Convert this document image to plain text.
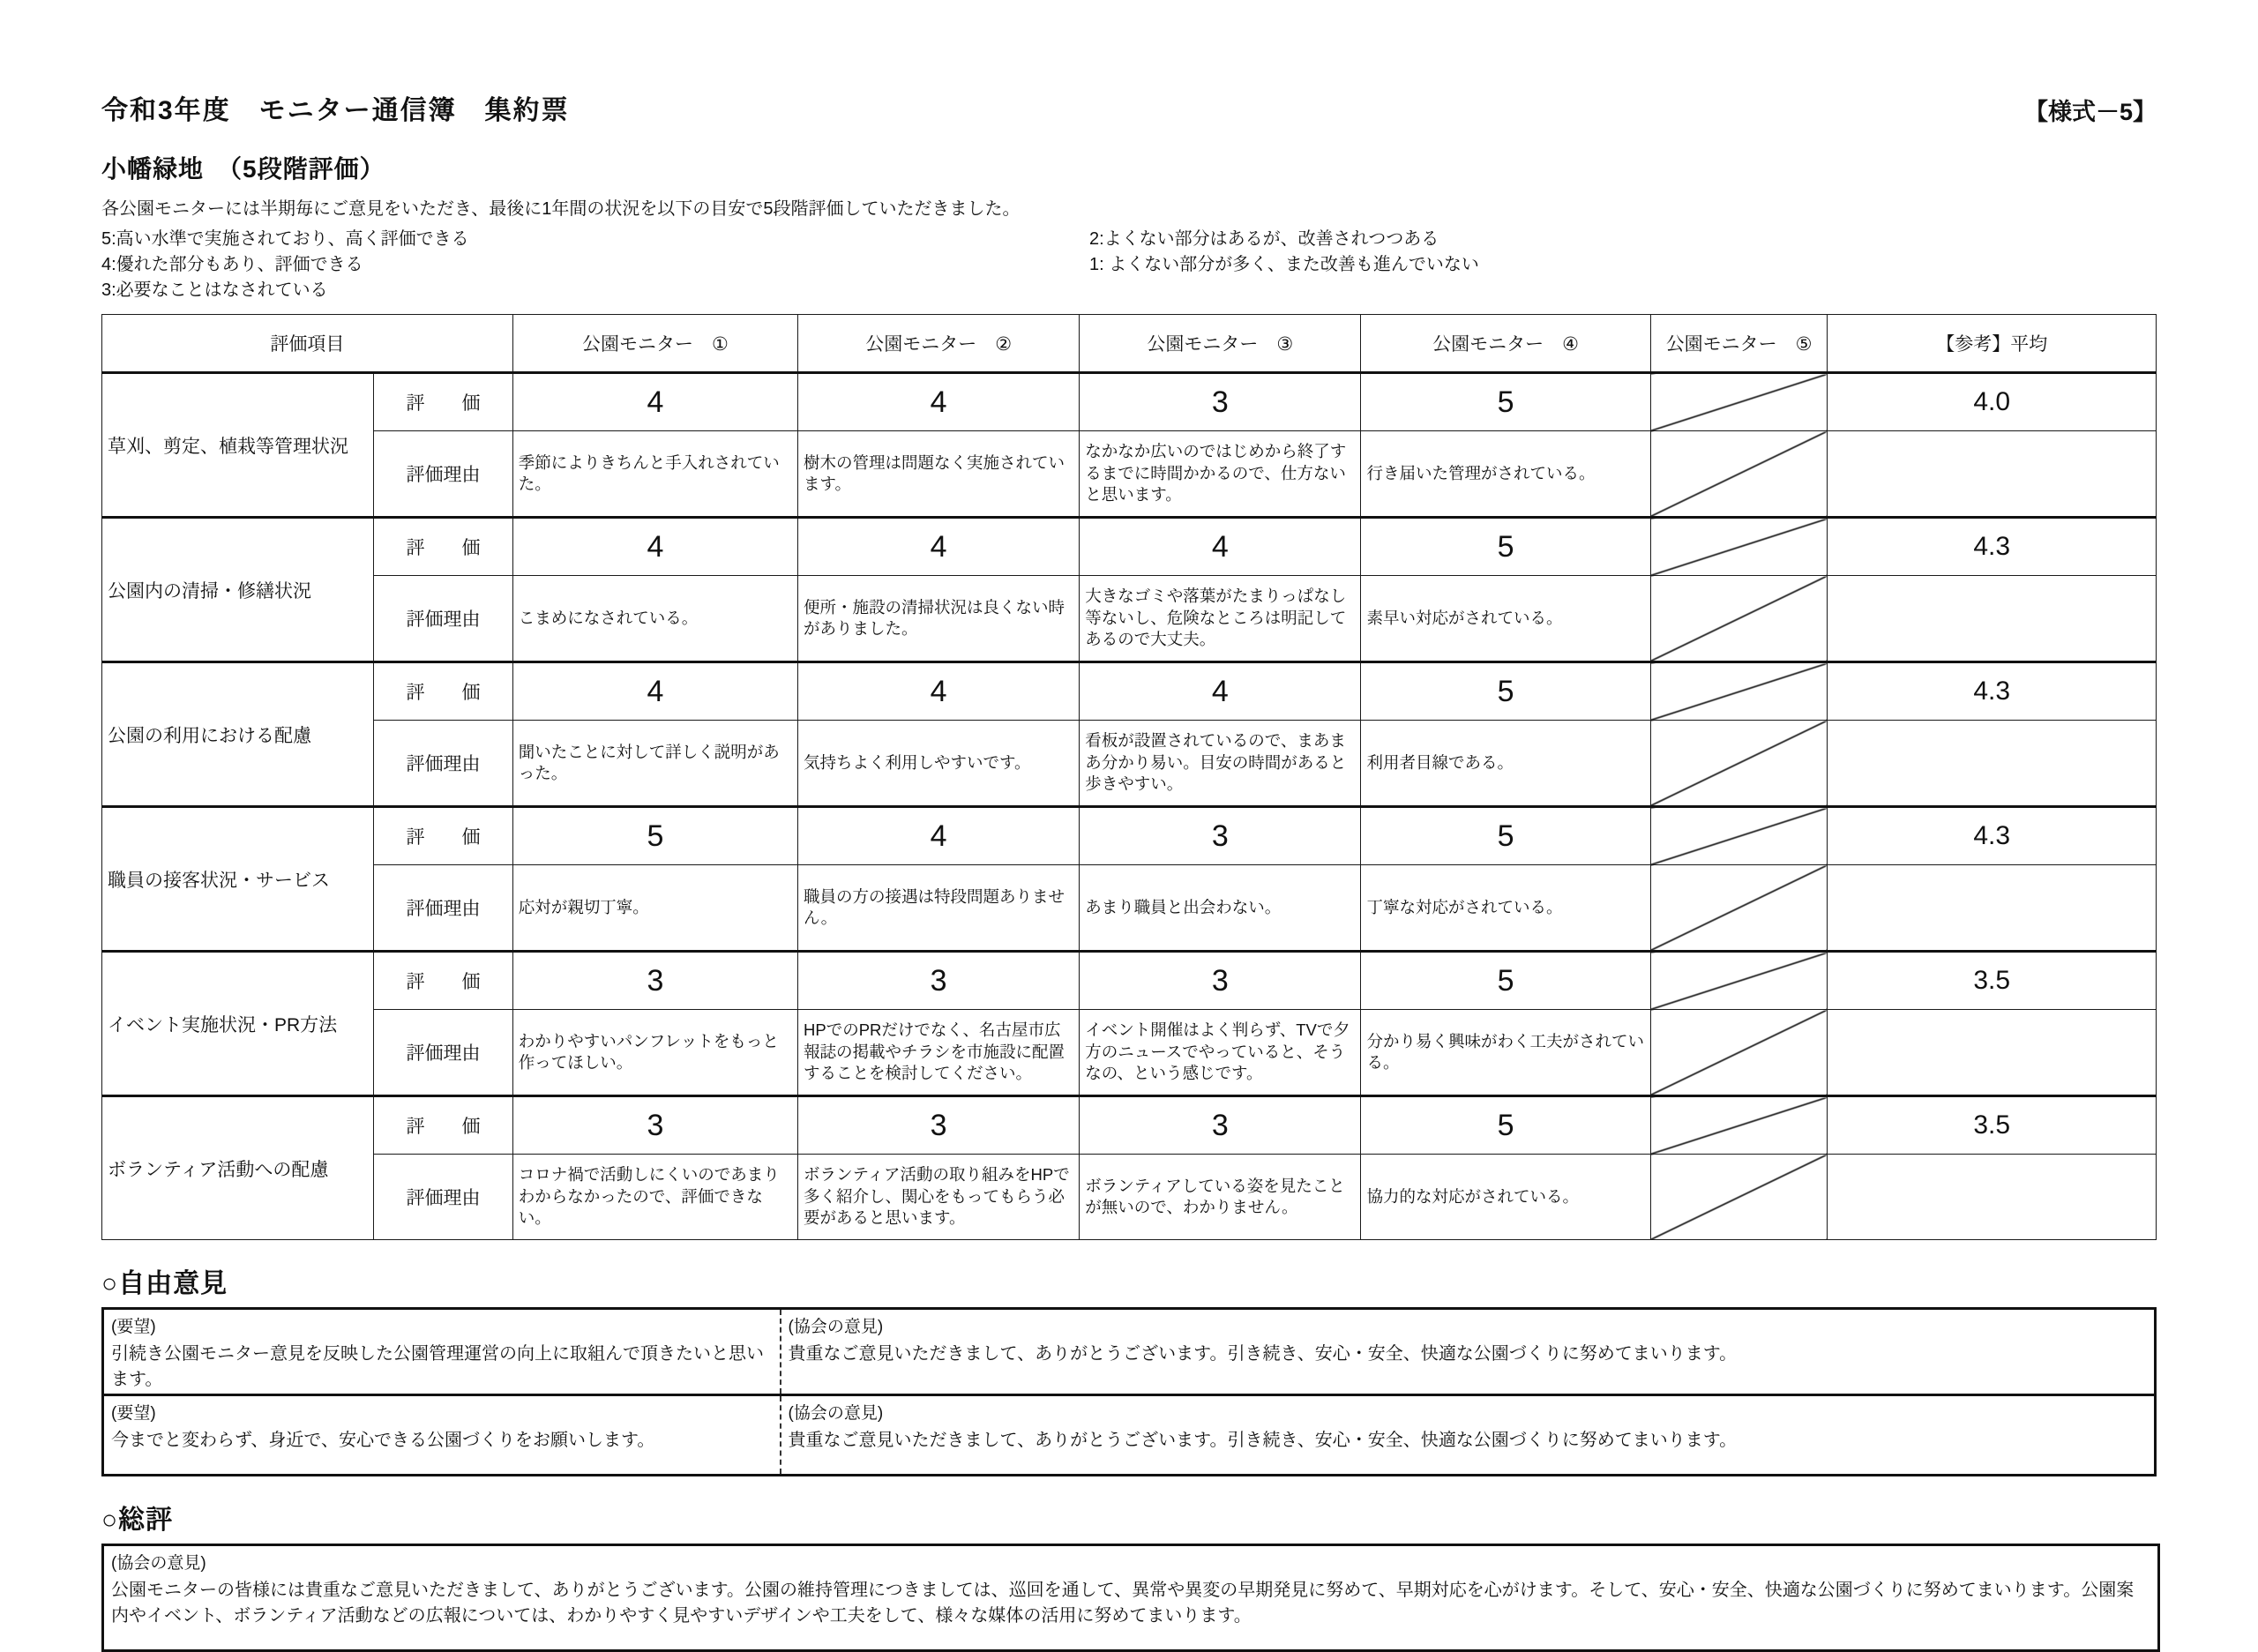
令和3年度　モニター通信簿　集約票	【様式－5】
小幡緑地　（5段階評価）
各公園モニターには半期毎にご意見をいただき、最後に1年間の状況を以下の目安で5段階評価していただきました。
5:高い水準で実施されており、高く評価できる	2:よくない部分はあるが、改善されつつある
4:優れた部分もあり、評価できる	1: よくない部分が多く、また改善も進んでいない
3:必要なことはなされている
評価項目		公園モニター　①	公園モニター　②	公園モニター　③	公園モニター　④	公園モニター　⑤	【参考】平均
草刈、剪定、植栽等管理状況	評　　価	4	4	3	5		4.0
	評価理由	季節によりきちんと手入れされていた。	樹木の管理は問題なく実施されています。	なかなか広いのではじめから終了するまでに時間かかるので、仕方ないと思います。	行き届いた管理がされている。		
公園内の清掃・修繕状況	評　　価	4	4	4	5		4.3
	評価理由	こまめになされている。	便所・施設の清掃状況は良くない時がありました。	大きなゴミや落葉がたまりっぱなし等ないし、危険なところは明記してあるので大丈夫。	素早い対応がされている。		
公園の利用における配慮	評　　価	4	4	4	5		4.3
	評価理由	聞いたことに対して詳しく説明があった。	気持ちよく利用しやすいです。	看板が設置されているので、まあまあ分かり易い。目安の時間があると歩きやすい。	利用者目線である。		
職員の接客状況・サービス	評　　価	5	4	3	5		4.3
	評価理由	応対が親切丁寧。	職員の方の接遇は特段問題ありません。	あまり職員と出会わない。	丁寧な対応がされている。		
イベント実施状況・PR方法	評　　価	3	3	3	5		3.5
	評価理由	わかりやすいパンフレットをもっと作ってほしい。	HPでのPRだけでなく、名古屋市広報誌の掲載やチラシを市施設に配置することを検討してください。	イベント開催はよく判らず、TVで夕方のニュースでやっていると、そうなの、という感じです。	分かり易く興味がわく工夫がされている。		
ボランティア活動への配慮	評　　価	3	3	3	5		3.5
	評価理由	コロナ禍で活動しにくいのであまりわからなかったので、評価できない。	ボランティア活動の取り組みをHPで多く紹介し、関心をもってもらう必要があると思います。	ボランティアしている姿を見たことが無いので、わかりません。	協力的な対応がされている。		
○自由意見
(要望)
引続き公園モニター意見を反映した公園管理運営の向上に取組んで頂きたいと思います。

(協会の意見)
貴重なご意見いただきまして、ありがとうございます。引き続き、安心・安全、快適な公園づくりに努めてまいります。

(要望)
今までと変わらず、身近で、安心できる公園づくりをお願いします。

(協会の意見)
貴重なご意見いただきまして、ありがとうございます。引き続き、安心・安全、快適な公園づくりに努めてまいります。
○総評
(協会の意見)
公園モニターの皆様には貴重なご意見いただきまして、ありがとうございます。公園の維持管理につきましては、巡回を通して、異常や異変の早期発見に努めて、早期対応を心がけます。そして、安心・安全、快適な公園づくりに努めてまいります。公園案内やイベント、ボランティア活動などの広報については、わかりやすく見やすいデザインや工夫をして、様々な媒体の活用に努めてまいります。
